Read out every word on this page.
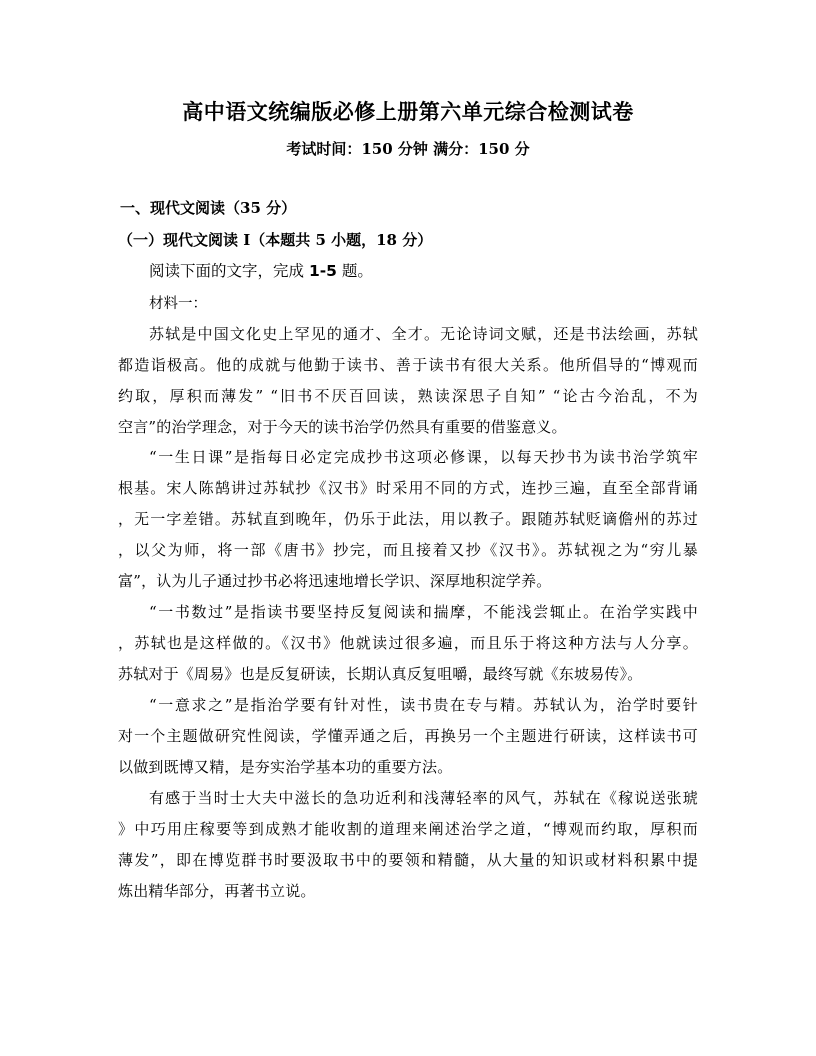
高中语文统编版必修上册第六单元综合检测试卷
考试时间：150 分钟 满分：150 分
一、现代文阅读（35 分）
（一）现代文阅读 I（本题共 5 小题，18 分）
阅读下面的文字，完成 1-5 题。
材料一：
苏轼是中国文化史上罕见的通才、全才。无论诗词文赋，还是书法绘画，苏轼
都造诣极高。他的成就与他勤于读书、善于读书有很大关系。他所倡导的“博观而
约取，厚积而薄发” “旧书不厌百回读，熟读深思子自知” “论古今治乱，不为
空言”的治学理念，对于今天的读书治学仍然具有重要的借鉴意义。
“一生日课”是指每日必定完成抄书这项必修课，以每天抄书为读书治学筑牢
根基。宋人陈鹄讲过苏轼抄《汉书》时采用不同的方式，连抄三遍，直至全部背诵
，无一字差错。苏轼直到晚年，仍乐于此法，用以教子。跟随苏轼贬谪儋州的苏过
，以父为师，将一部《唐书》抄完，而且接着又抄《汉书》。苏轼视之为“穷儿暴
富”，认为儿子通过抄书必将迅速地增长学识、深厚地积淀学养。
“一书数过”是指读书要坚持反复阅读和揣摩，不能浅尝辄止。在治学实践中
，苏轼也是这样做的。《汉书》他就读过很多遍，而且乐于将这种方法与人分享。
苏轼对于《周易》也是反复研读，长期认真反复咀嚼，最终写就《东坡易传》。
“一意求之”是指治学要有针对性，读书贵在专与精。苏轼认为，治学时要针
对一个主题做研究性阅读，学懂弄通之后，再换另一个主题进行研读，这样读书可
以做到既博又精，是夯实治学基本功的重要方法。
有感于当时士大夫中滋长的急功近利和浅薄轻率的风气，苏轼在《稼说送张琥
》中巧用庄稼要等到成熟才能收割的道理来阐述治学之道，“博观而约取，厚积而
薄发”，即在博览群书时要汲取书中的要领和精髓，从大量的知识或材料积累中提
炼出精华部分，再著书立说。
